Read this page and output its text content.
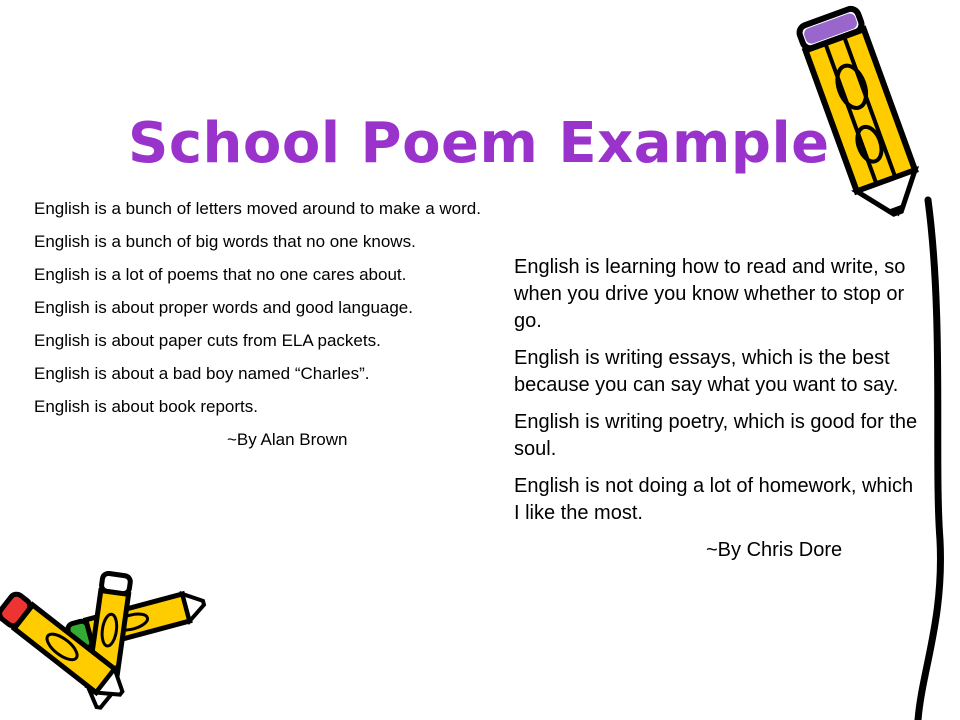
School Poem Example

English is a bunch of letters moved around to make a word.

English is a bunch of big words that no one knows.

English is a lot of poems that no one cares about.

English is about proper words and good language.

English is about paper cuts from ELA packets.

English is about a bad boy named “Charles”.

English is about book reports.

~By Alan Brown

English is learning how to read and write, so when you drive you know whether to stop or go.

English is writing essays, which is the best because you can say what you want to say.

English is writing poetry, which is good for the soul.

English is not doing a lot of homework, which I like the most.

~By Chris Dore
